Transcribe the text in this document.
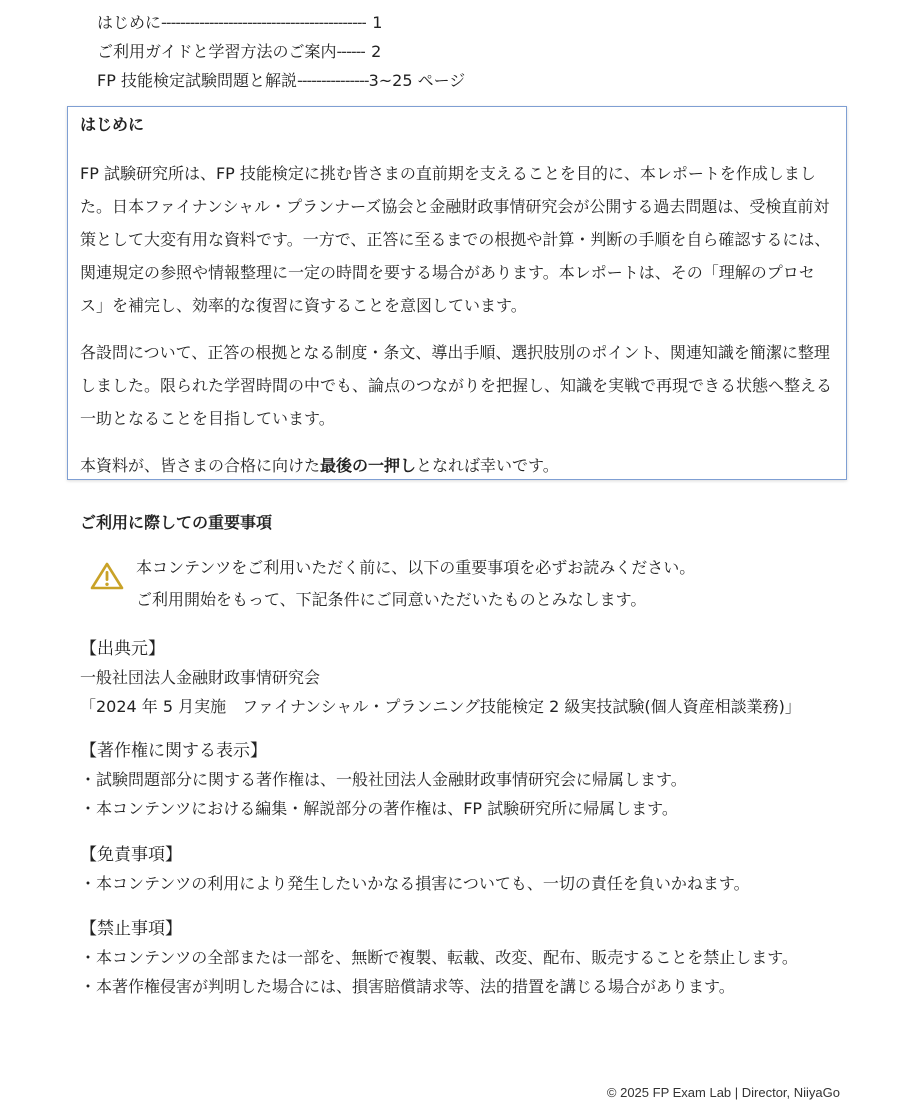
はじめに ------------------------------------------- 1
ご利用ガイドと学習方法のご案内 ------ 2
FP 技能検定試験問題と解説 --------------- 3~25 ページ
はじめに

FP 試験研究所は、FP 技能検定に挑む皆さまの直前期を支えることを目的に、本レポートを作成しました。日本ファイナンシャル・プランナーズ協会と金融財政事情研究会が公開する過去問題は、受検直前対策として大変有用な資料です。一方で、正答に至るまでの根拠や計算・判断の手順を自ら確認するには、関連規定の参照や情報整理に一定の時間を要する場合があります。本レポートは、その「理解のプロセス」を補完し、効率的な復習に資することを意図しています。

各設問について、正答の根拠となる制度・条文、導出手順、選択肢別のポイント、関連知識を簡潔に整理しました。限られた学習時間の中でも、論点のつながりを把握し、知識を実戦で再現できる状態へ整える一助となることを目指しています。

本資料が、皆さまの合格に向けた最後の一押しとなれば幸いです。

ご利用に際しての重要事項
本コンテンツをご利用いただく前に、以下の重要事項を必ずお読みください。
ご利用開始をもって、下記条件にご同意いただいたものとみなします。
【出典元】
一般社団法人金融財政事情研究会
「2024 年 5 月実施　ファイナンシャル・プランニング技能検定 2 級実技試験(個人資産相談業務)」
【著作権に関する表示】
・試験問題部分に関する著作権は、一般社団法人金融財政事情研究会に帰属します。
・本コンテンツにおける編集・解説部分の著作権は、FP 試験研究所に帰属します。
【免責事項】
・本コンテンツの利用により発生したいかなる損害についても、一切の責任を負いかねます。
【禁止事項】
・本コンテンツの全部または一部を、無断で複製、転載、改変、配布、販売することを禁止します。
・本著作権侵害が判明した場合には、損害賠償請求等、法的措置を講じる場合があります。
© 2025 FP Exam Lab | Director, NiiyaGo
